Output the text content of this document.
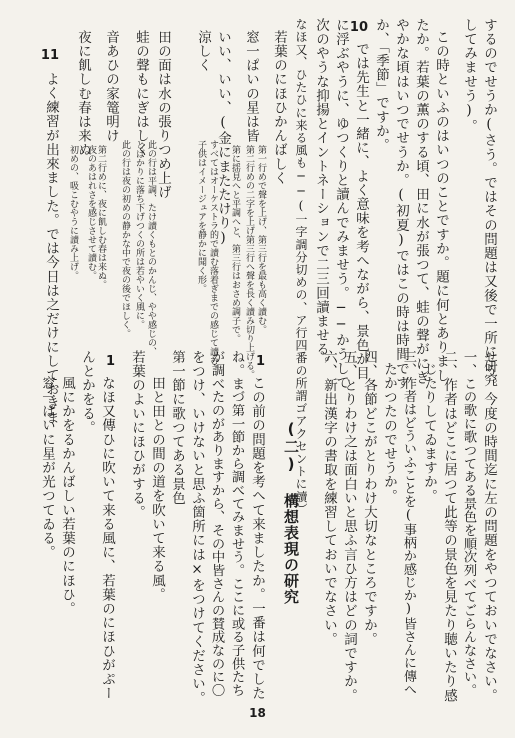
するのでせうか(さう。ではその問題は又後で一所に研究
してみませう)。
この時といふのはいつのことですか。題に何とありまし
たか。若葉の薫のする頃、田に水が張つて、蛙の聲がにぎ
やかな頃はいつでせうか。(初夏)ではこの時は時間です
か、「季節」ですか。
10
では先生と一緒に、よく意味を考へながら、景色が目
に浮ぶやうに、ゆつくりと讀んでみませう。──かうして
次のやうな抑揚とイントネーションで二三回讀ませる。
なほ又、ひたひに来る風も──(一字調分切めの、ア行四番の所謂ゴアクセントに讀）
若葉のにほひかんばしく
第一行めで聲を上げ、第三行を最も高く讀む。
第二行めの二字を上げ第三行へ聲を長く讀み切り上げる。
窓一ぱいの星は皆
第に揺見へと平調へと、第三行はおさめ調子で。
いい、いい、(金にまたたけり)
涼しく
すべてはオーケストラ的で讀む落着ぎまでの感じて讀む。
子供はイメージュアを静かに聞く形。
田の面は水の張りつめ上げ
此の行は平調、たけ讀くもとのかんじ、やや感じの、
とばかりに落ち下げつくの所は若やいく風に。
蛙の聲もにぎはしく
此の行は夜の初めの静かな中で夜の後でほしく。
音あひの家篭明け
第二行めに、夜に飢しむ春は来ぬ。
夜のあはれさを感じさせて讀む。
夜に飢しむ春は来ぬ
初めの、吸こむやうに讀み上げ。
11
よく練習が出來ました。では今日は之だけにしておきま
せう。今度の時間迄に左の問題をやつておいでなさい。
一、この歌に歌つてある景色を順次列べてごらんなさい。
二、作者はどこに居つて此等の景色を見たり聴いたり感
じたりしてゐますか。
三、作者はどういふことを(事柄か感じか)皆さんに傳へ
たかつたのでせうか。
四、各節どこがとりわけ大切なところですか。
五、とりわけ之は面白いと思ふ言ひ方はどの詞ですか。
六、新出漢字の書取を練習しておいでなさい。
(二) 構想表現の研究
1
この前の問題を考へて来ましたか。一番は何でした
ね。まづ第一節から調べてみませう。ここに或る子供たち
が調べたのがありますから、その中皆さんの賛成なのに〇
をつけ、いけないと思ふ箇所には×をつけてください。
第一節に歌つてある景色
田と田との間の道を吹いて来る風。
若葉のよいにほひがする。
1
なほ又傳ひに吹いて来る風に、若葉のにほひがぷー
んとかをる。
風にかをるかんばしい若葉のにほひ。
窓一ぱいに星が光つてゐる。
18
